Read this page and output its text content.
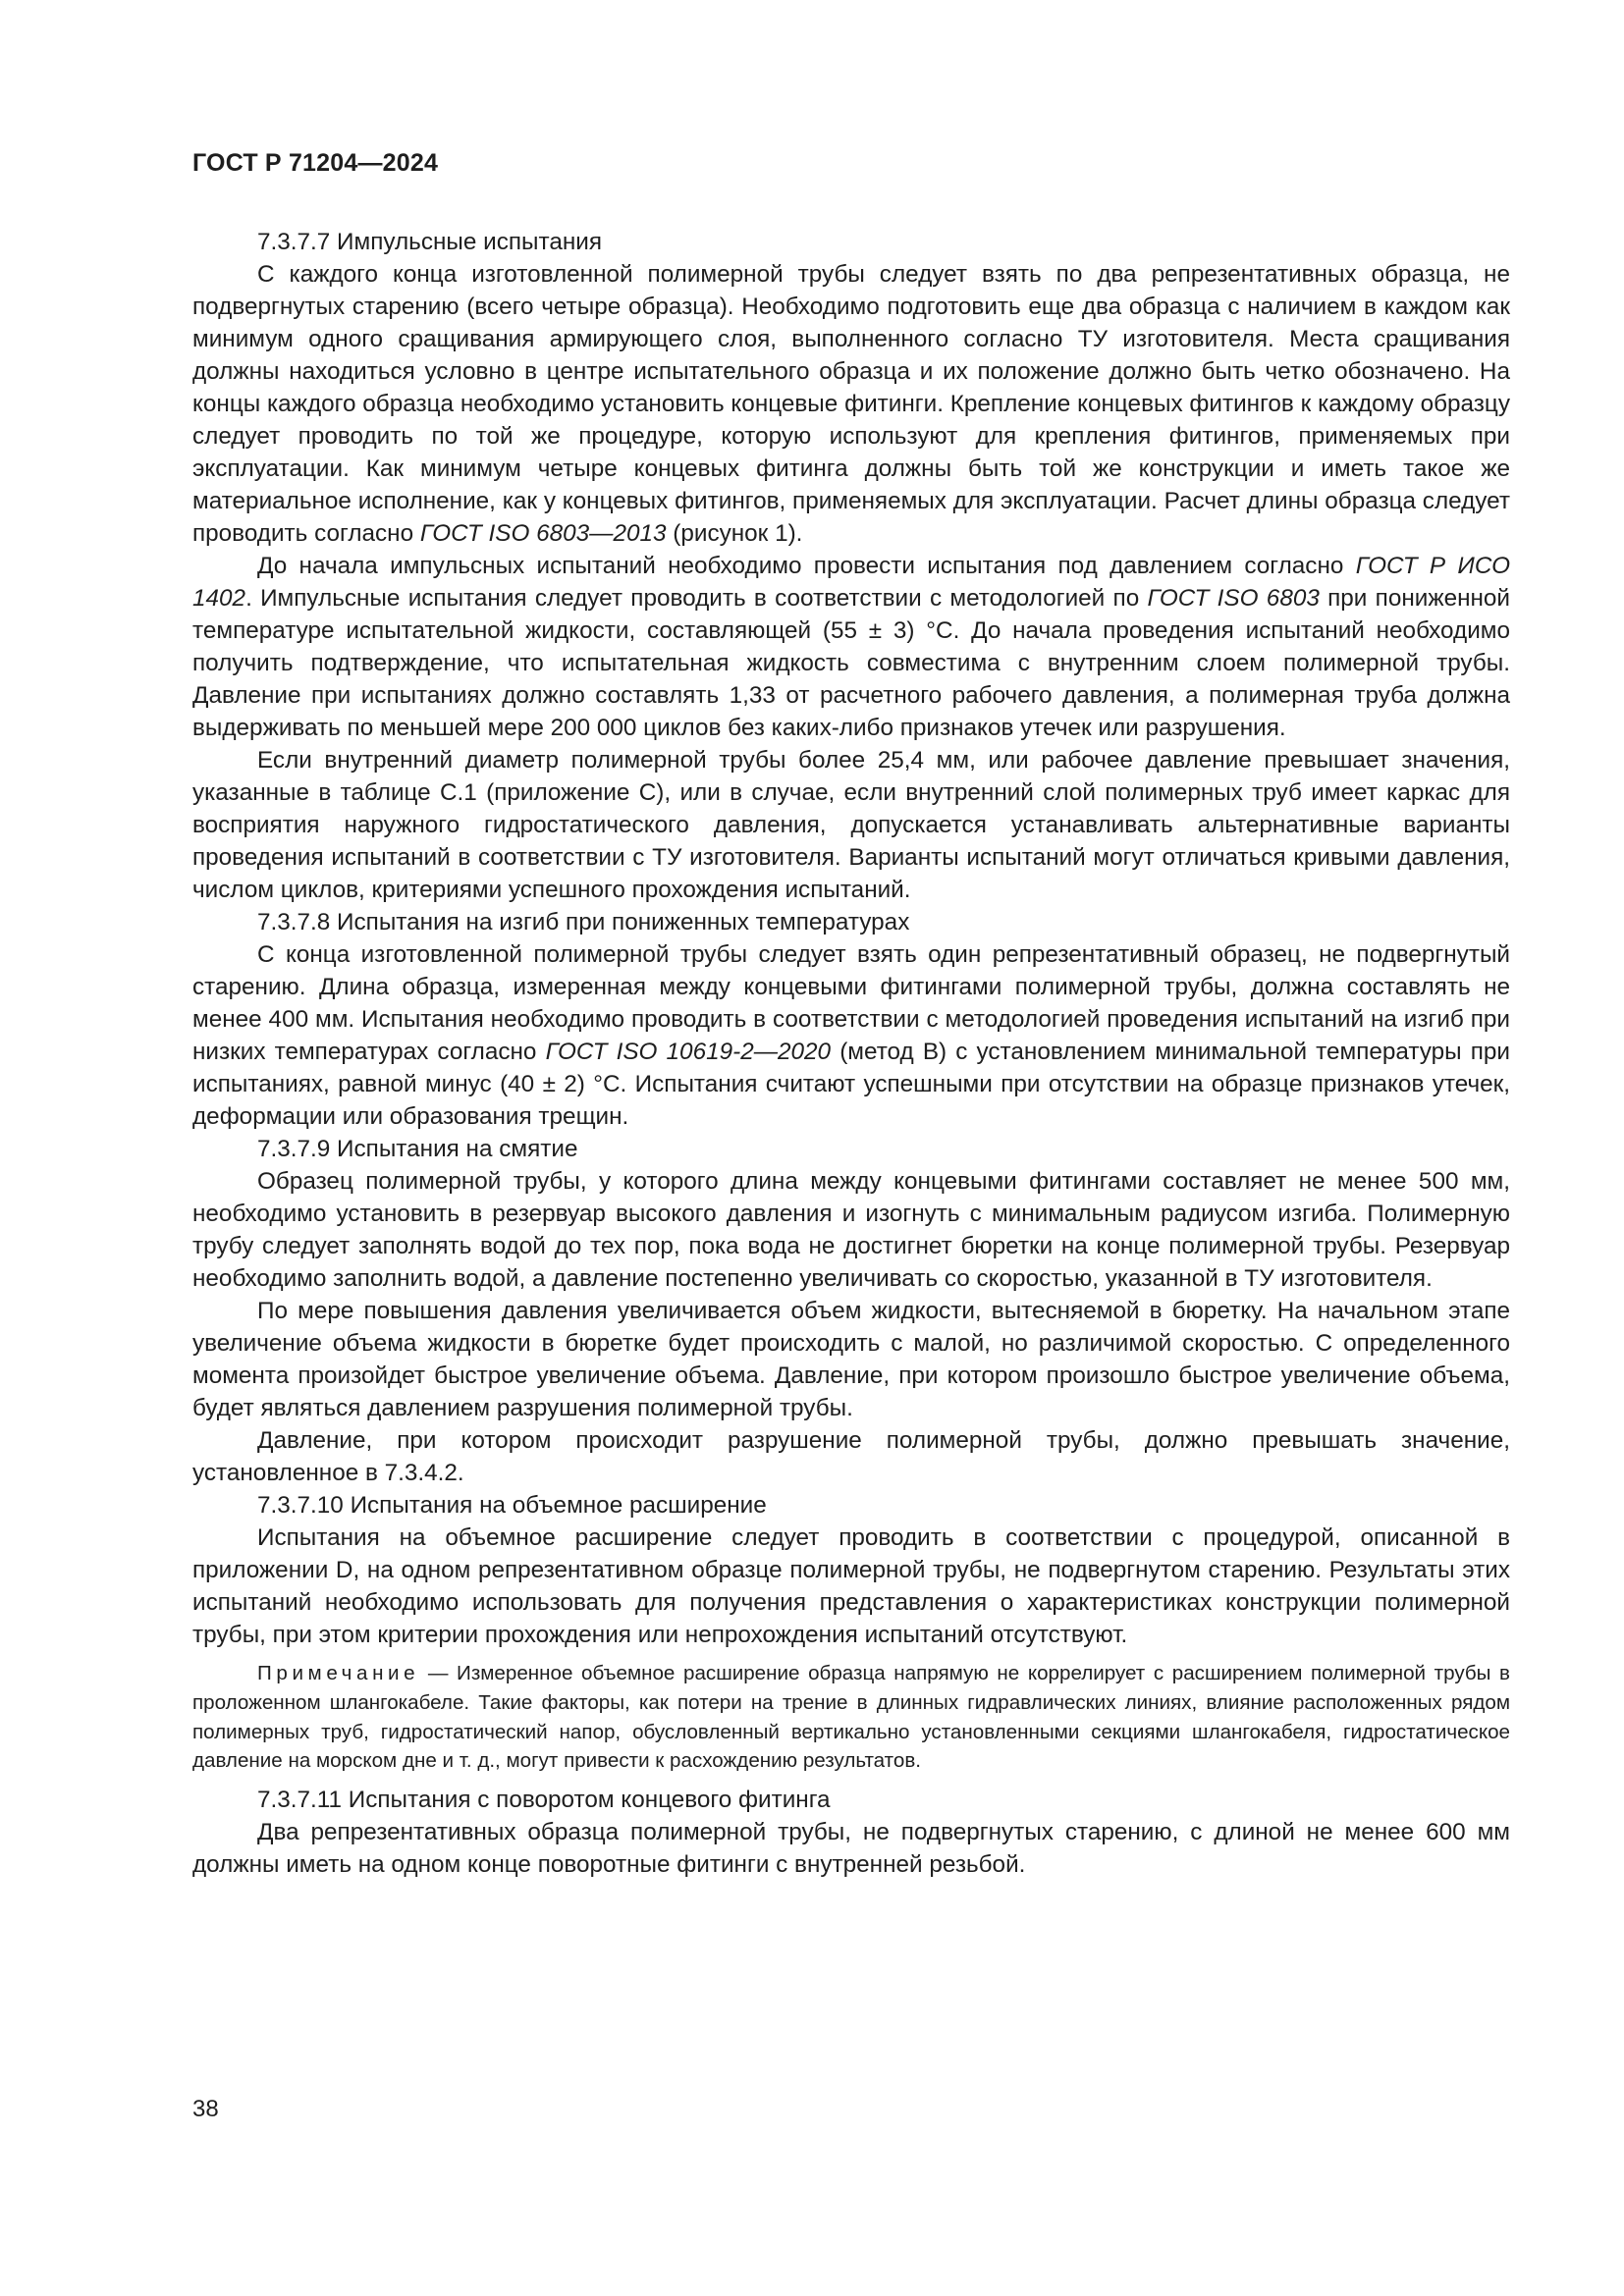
ГОСТ Р 71204—2024

7.3.7.7 Импульсные испытания

С каждого конца изготовленной полимерной трубы следует взять по два репрезентативных образца, не подвергнутых старению (всего четыре образца). Необходимо подготовить еще два образца с наличием в каждом как минимум одного сращивания армирующего слоя, выполненного согласно ТУ изготовителя. Места сращивания должны находиться условно в центре испытательного образца и их положение должно быть четко обозначено. На концы каждого образца необходимо установить концевые фитинги. Крепление концевых фитингов к каждому образцу следует проводить по той же процедуре, которую используют для крепления фитингов, применяемых при эксплуатации. Как минимум четыре концевых фитинга должны быть той же конструкции и иметь такое же материальное исполнение, как у концевых фитингов, применяемых для эксплуатации. Расчет длины образца следует проводить согласно ГОСТ ISO 6803—2013 (рисунок 1).

До начала импульсных испытаний необходимо провести испытания под давлением согласно ГОСТ Р ИСО 1402. Импульсные испытания следует проводить в соответствии с методологией по ГОСТ ISO 6803 при пониженной температуре испытательной жидкости, составляющей (55 ± 3) °С. До начала проведения испытаний необходимо получить подтверждение, что испытательная жидкость совместима с внутренним слоем полимерной трубы. Давление при испытаниях должно составлять 1,33 от расчетного рабочего давления, а полимерная труба должна выдерживать по меньшей мере 200 000 циклов без каких-либо признаков утечек или разрушения.

Если внутренний диаметр полимерной трубы более 25,4 мм, или рабочее давление превышает значения, указанные в таблице С.1 (приложение С), или в случае, если внутренний слой полимерных труб имеет каркас для восприятия наружного гидростатического давления, допускается устанавливать альтернативные варианты проведения испытаний в соответствии с ТУ изготовителя. Варианты испытаний могут отличаться кривыми давления, числом циклов, критериями успешного прохождения испытаний.

7.3.7.8 Испытания на изгиб при пониженных температурах

С конца изготовленной полимерной трубы следует взять один репрезентативный образец, не подвергнутый старению. Длина образца, измеренная между концевыми фитингами полимерной трубы, должна составлять не менее 400 мм. Испытания необходимо проводить в соответствии с методологией проведения испытаний на изгиб при низких температурах согласно ГОСТ ISO 10619-2—2020 (метод В) с установлением минимальной температуры при испытаниях, равной минус (40 ± 2) °С. Испытания считают успешными при отсутствии на образце признаков утечек, деформации или образования трещин.

7.3.7.9 Испытания на смятие

Образец полимерной трубы, у которого длина между концевыми фитингами составляет не менее 500 мм, необходимо установить в резервуар высокого давления и изогнуть с минимальным радиусом изгиба. Полимерную трубу следует заполнять водой до тех пор, пока вода не достигнет бюретки на конце полимерной трубы. Резервуар необходимо заполнить водой, а давление постепенно увеличивать со скоростью, указанной в ТУ изготовителя.

По мере повышения давления увеличивается объем жидкости, вытесняемой в бюретку. На начальном этапе увеличение объема жидкости в бюретке будет происходить с малой, но различимой скоростью. С определенного момента произойдет быстрое увеличение объема. Давление, при котором произошло быстрое увеличение объема, будет являться давлением разрушения полимерной трубы.

Давление, при котором происходит разрушение полимерной трубы, должно превышать значение, установленное в 7.3.4.2.

7.3.7.10 Испытания на объемное расширение

Испытания на объемное расширение следует проводить в соответствии с процедурой, описанной в приложении D, на одном репрезентативном образце полимерной трубы, не подвергнутом старению. Результаты этих испытаний необходимо использовать для получения представления о характеристиках конструкции полимерной трубы, при этом критерии прохождения или непрохождения испытаний отсутствуют.

Примечание — Измеренное объемное расширение образца напрямую не коррелирует с расширением полимерной трубы в проложенном шлангокабеле. Такие факторы, как потери на трение в длинных гидравлических линиях, влияние расположенных рядом полимерных труб, гидростатический напор, обусловленный вертикально установленными секциями шлангокабеля, гидростатическое давление на морском дне и т. д., могут привести к расхождению результатов.

7.3.7.11 Испытания с поворотом концевого фитинга

Два репрезентативных образца полимерной трубы, не подвергнутых старению, с длиной не менее 600 мм должны иметь на одном конце поворотные фитинги с внутренней резьбой.

38
